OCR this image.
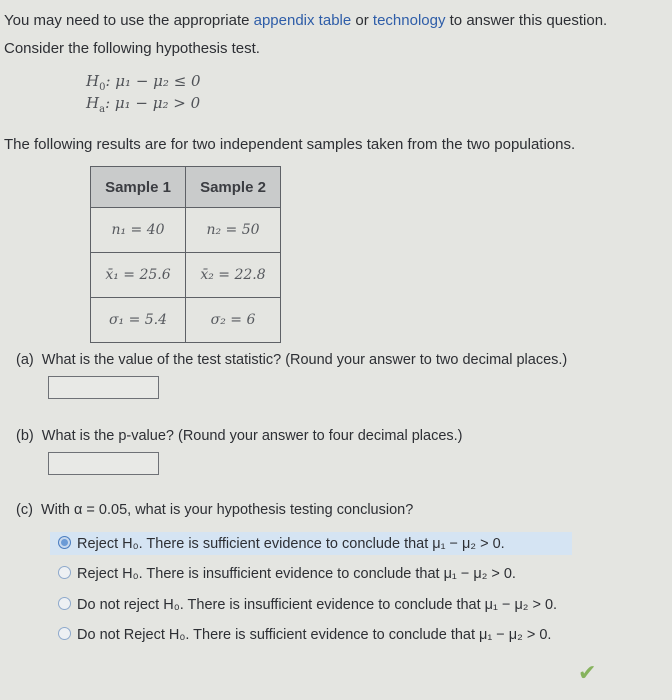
You may need to use the appropriate appendix table or technology to answer this question.
Consider the following hypothesis test.
$H_0$: μ₁ − μ₂ ≤ 0
$H_a$: μ₁ − μ₂ > 0
The following results are for two independent samples taken from the two populations.
Sample 1	Sample 2
n₁ = 40	n₂ = 50
x̄₁ = 25.6	x̄₂ = 22.8
σ₁ = 5.4	σ₂ = 6
(a) What is the value of the test statistic? (Round your answer to two decimal places.)
(b) What is the p-value? (Round your answer to four decimal places.)
(c) With α = 0.05, what is your hypothesis testing conclusion?
Reject H₀. There is sufficient evidence to conclude that μ₁ − μ₂ > 0.
Reject H₀. There is insufficient evidence to conclude that μ₁ − μ₂ > 0.
Do not reject H₀. There is insufficient evidence to conclude that μ₁ − μ₂ > 0.
Do not Reject H₀. There is sufficient evidence to conclude that μ₁ − μ₂ > 0.
✔
